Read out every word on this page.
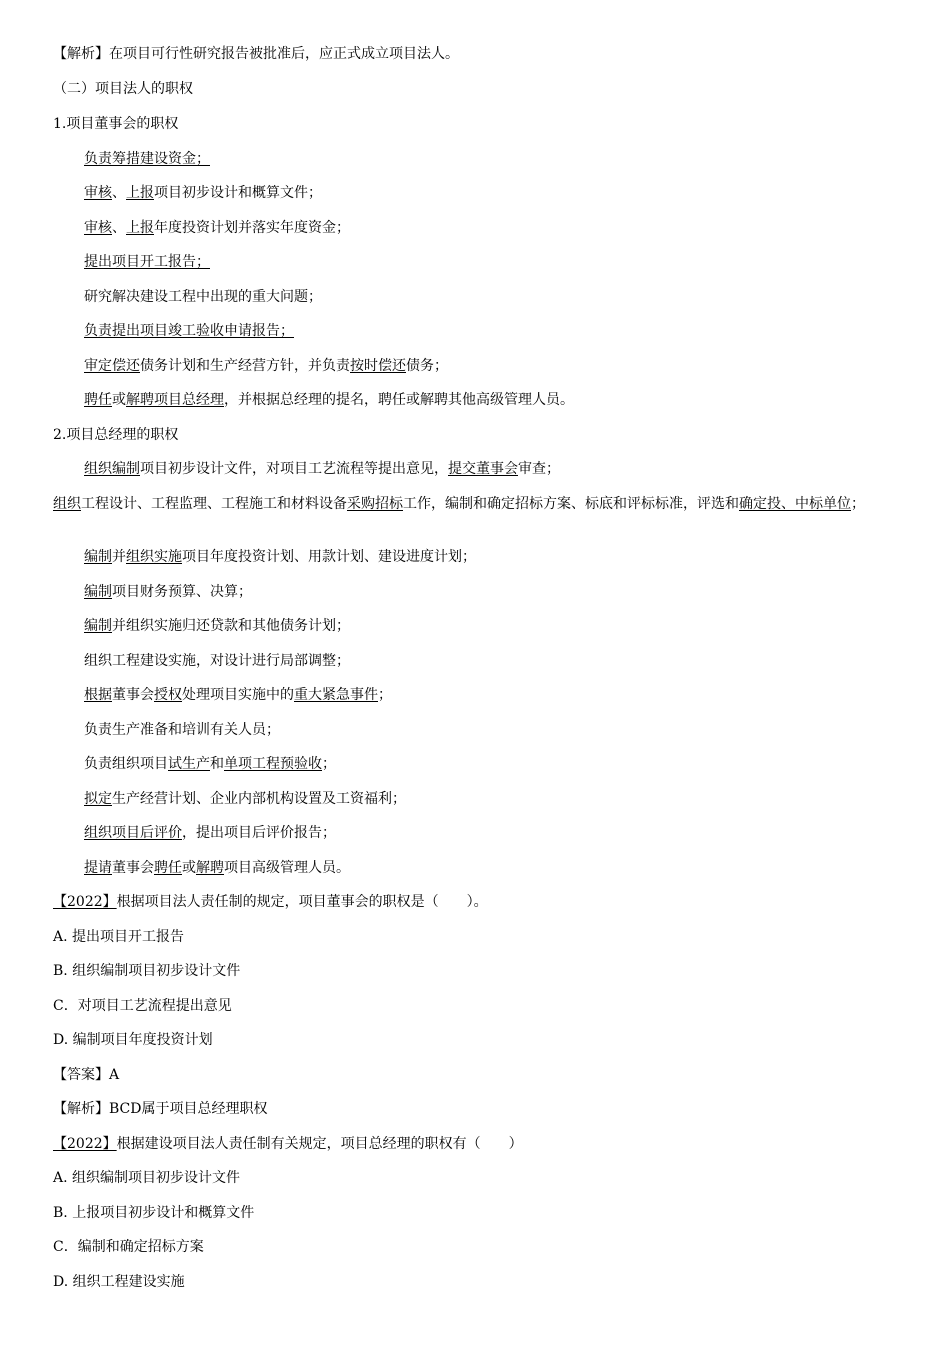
【解析】在项目可行性研究报告被批准后，应正式成立项目法人。
（二）项目法人的职权
1.项目董事会的职权
负责筹措建设资金；
审核、上报项目初步设计和概算文件；
审核、上报年度投资计划并落实年度资金；
提出项目开工报告；
研究解决建设工程中出现的重大问题；
负责提出项目竣工验收申请报告；
审定偿还债务计划和生产经营方针，并负责按时偿还债务；
聘任或解聘项目总经理，并根据总经理的提名，聘任或解聘其他高级管理人员。
2.项目总经理的职权
组织编制项目初步设计文件，对项目工艺流程等提出意见，提交董事会审查；
组织工程设计、工程监理、工程施工和材料设备采购招标工作，编制和确定招标方案、标底和评标标准，评选和确定投、中标单位；
编制并组织实施项目年度投资计划、用款计划、建设进度计划；
编制项目财务预算、决算；
编制并组织实施归还贷款和其他债务计划；
组织工程建设实施，对设计进行局部调整；
根据董事会授权处理项目实施中的重大紧急事件；
负责生产准备和培训有关人员；
负责组织项目试生产和单项工程预验收；
拟定生产经营计划、企业内部机构设置及工资福利；
组织项目后评价，提出项目后评价报告；
提请董事会聘任或解聘项目高级管理人员。
【2022】根据项目法人责任制的规定，项目董事会的职权是（　　）。
A. 提出项目开工报告
B. 组织编制项目初步设计文件
C．对项目工艺流程提出意见
D. 编制项目年度投资计划
【答案】A
【解析】BCD属于项目总经理职权
【2022】根据建设项目法人责任制有关规定，项目总经理的职权有（　　）
A. 组织编制项目初步设计文件
B. 上报项目初步设计和概算文件
C．编制和确定招标方案
D. 组织工程建设实施
